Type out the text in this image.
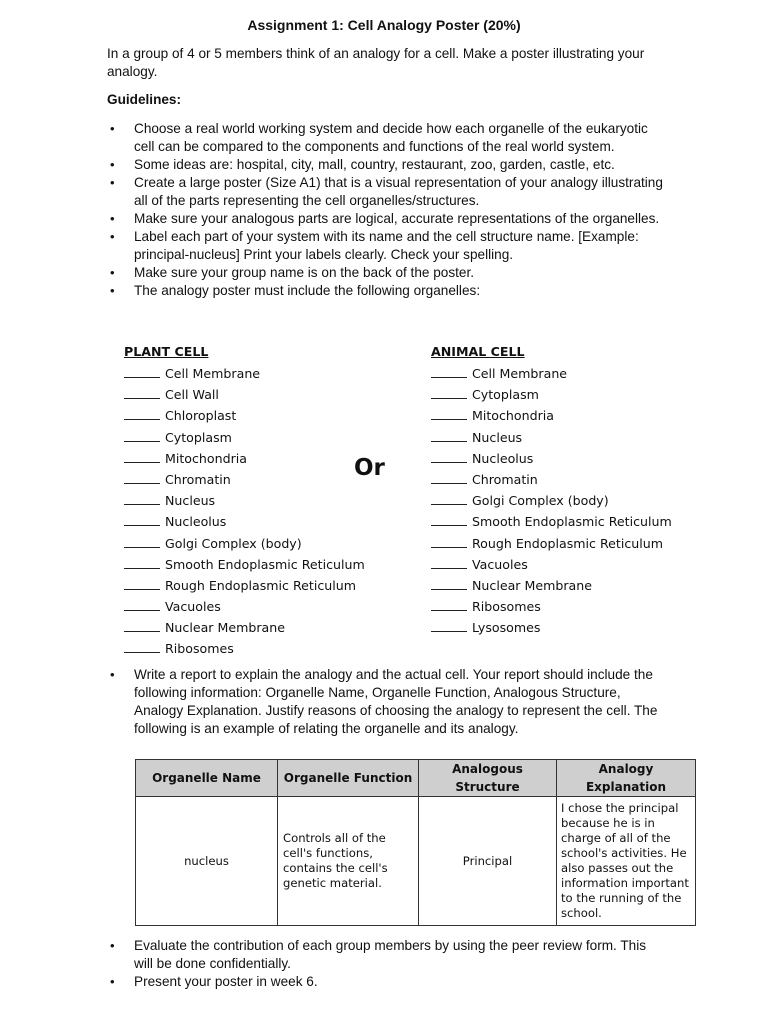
Assignment 1: Cell Analogy Poster (20%)
In a group of 4 or 5 members think of an analogy for a cell. Make a poster illustrating your analogy.
Guidelines:
• Choose a real world working system and decide how each organelle of the eukaryotic cell can be compared to the components and functions of the real world system.
• Some ideas are: hospital, city, mall, country, restaurant, zoo, garden, castle, etc.
• Create a large poster (Size A1) that is a visual representation of your analogy illustrating all of the parts representing the cell organelles/structures.
• Make sure your analogous parts are logical, accurate representations of the organelles.
• Label each part of your system with its name and the cell structure name. [Example: principal-nucleus] Print your labels clearly. Check your spelling.
• Make sure your group name is on the back of the poster.
• The analogy poster must include the following organelles:
PLANT CELL
Cell Membrane
Cell Wall
Chloroplast
Cytoplasm
Mitochondria
Chromatin
Nucleus
Nucleolus
Golgi Complex (body)
Smooth Endoplasmic Reticulum
Rough Endoplasmic Reticulum
Vacuoles
Nuclear Membrane
Ribosomes
Or
ANIMAL CELL
Cell Membrane
Cytoplasm
Mitochondria
Nucleus
Nucleolus
Chromatin
Golgi Complex (body)
Smooth Endoplasmic Reticulum
Rough Endoplasmic Reticulum
Vacuoles
Nuclear Membrane
Ribosomes
Lysosomes
• Write a report to explain the analogy and the actual cell. Your report should include the following information: Organelle Name, Organelle Function, Analogous Structure, Analogy Explanation. Justify reasons of choosing the analogy to represent the cell. The following is an example of relating the organelle and its analogy.
Organelle Name	Organelle Function	Analogous Structure	Analogy Explanation
nucleus	Controls all of the cell's functions, contains the cell's genetic material.	Principal	I chose the principal because he is in charge of all of the school's activities. He also passes out the information important to the running of the school.
• Evaluate the contribution of each group members by using the peer review form. This will be done confidentially.
• Present your poster in week 6.
